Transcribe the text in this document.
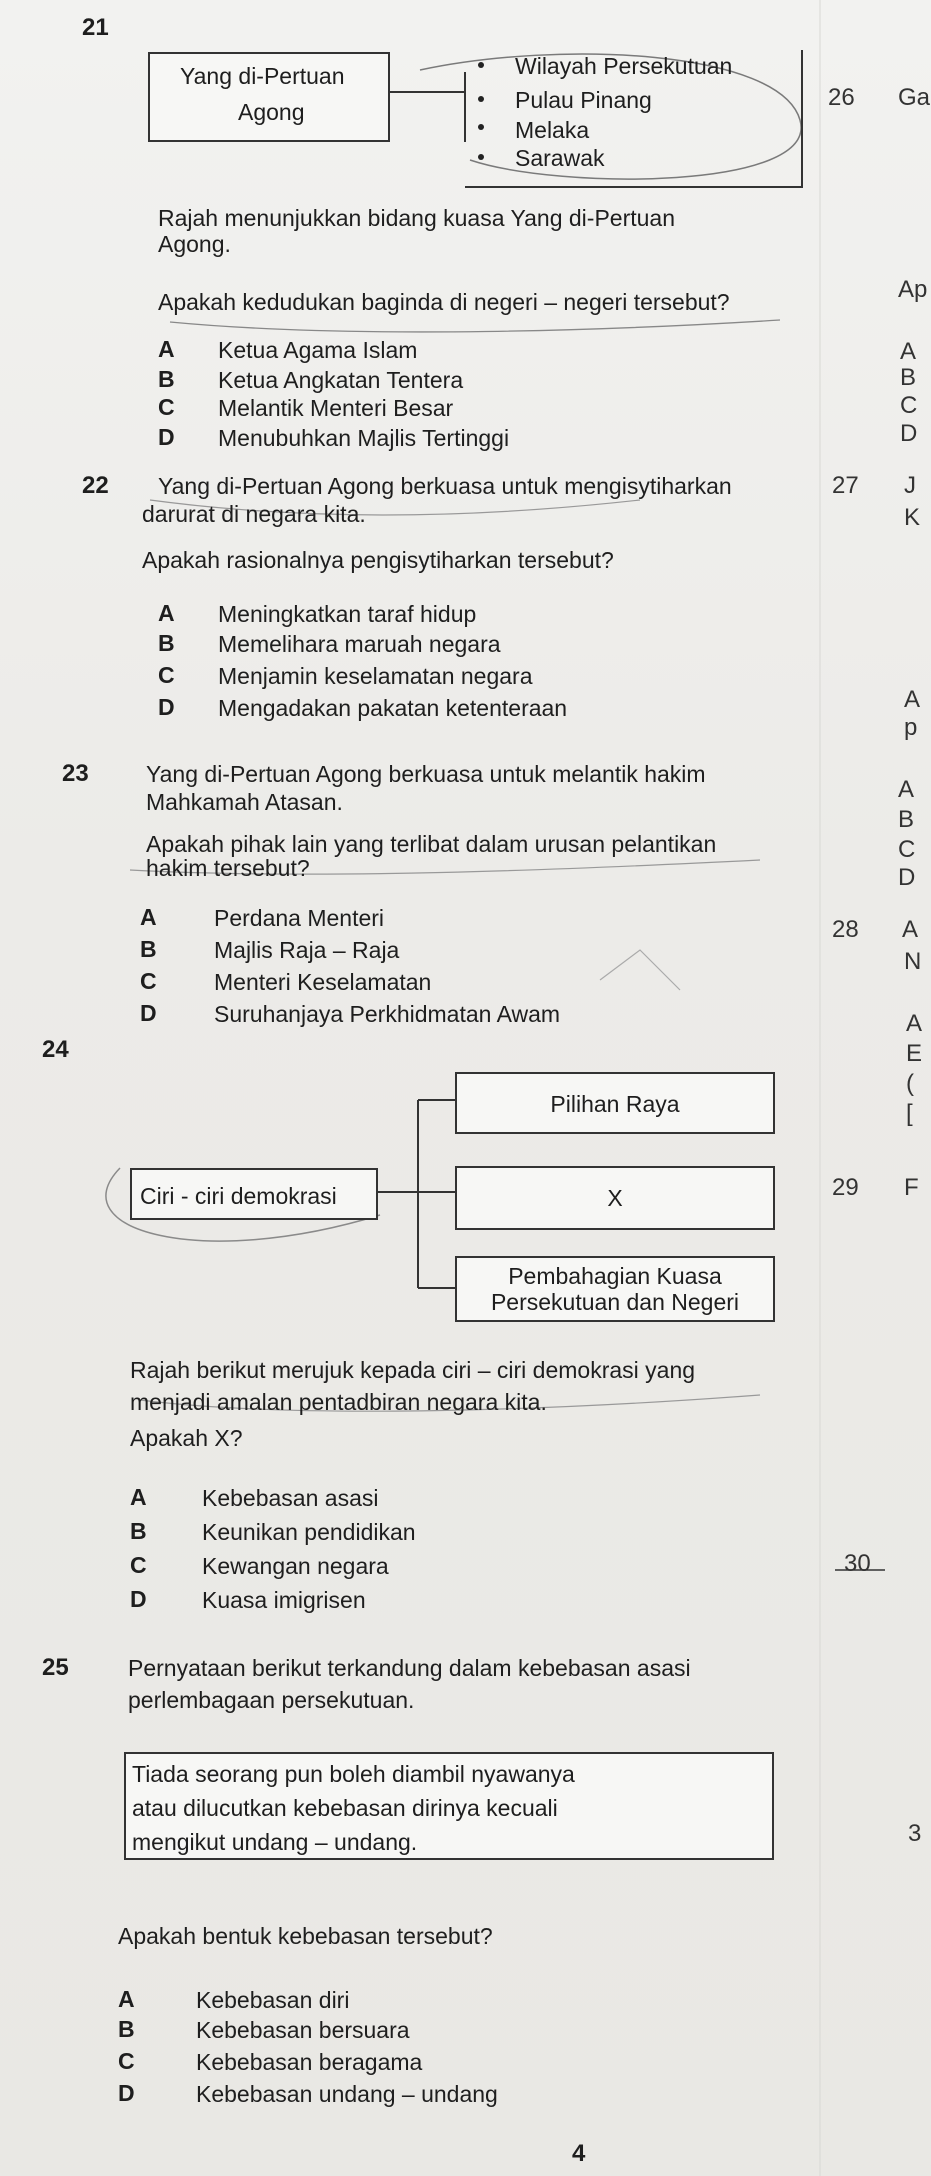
21
Yang di-Pertuan
Agong
Wilayah Persekutuan
Pulau Pinang
Melaka
Sarawak
Rajah menunjukkan bidang kuasa Yang di-Pertuan
Agong.
Apakah kedudukan baginda di negeri – negeri tersebut?
A Ketua Agama Islam
B Ketua Angkatan Tentera
C Melantik Menteri Besar
D Menubuhkan Majlis Tertinggi
22 Yang di-Pertuan Agong berkuasa untuk mengisytiharkan
darurat di negara kita.
Apakah rasionalnya pengisytiharkan tersebut?
A Meningkatkan taraf hidup
B Memelihara maruah negara
C Menjamin keselamatan negara
D Mengadakan pakatan ketenteraan
23 Yang di-Pertuan Agong berkuasa untuk melantik hakim
Mahkamah Atasan.
Apakah pihak lain yang terlibat dalam urusan pelantikan
hakim tersebut?
A Perdana Menteri
B Majlis Raja – Raja
C Menteri Keselamatan
D Suruhanjaya Perkhidmatan Awam
24
Pilihan Raya
Ciri - ciri demokrasi	X
Pembahagian Kuasa
Persekutuan dan Negeri
Rajah berikut merujuk kepada ciri – ciri demokrasi yang
menjadi amalan pentadbiran negara kita.
Apakah X?
A Kebebasan asasi
B Keunikan pendidikan
C Kewangan negara
D Kuasa imigrisen
25	Pernyataan berikut terkandung dalam kebebasan asasi
perlembagaan persekutuan.
Tiada seorang pun boleh diambil nyawanya
atau dilucutkan kebebasan dirinya kecuali
mengikut undang – undang.
Apakah bentuk kebebasan tersebut?
A	Kebebasan diri
B	Kebebasan bersuara
C	Kebebasan beragama
D	Kebebasan undang – undang
4
26 Ga
Ap
A
B
C
D
27 J
K
A
p
A
B
C
D
28 A
N
A
E
(
[
29 F
30
3
